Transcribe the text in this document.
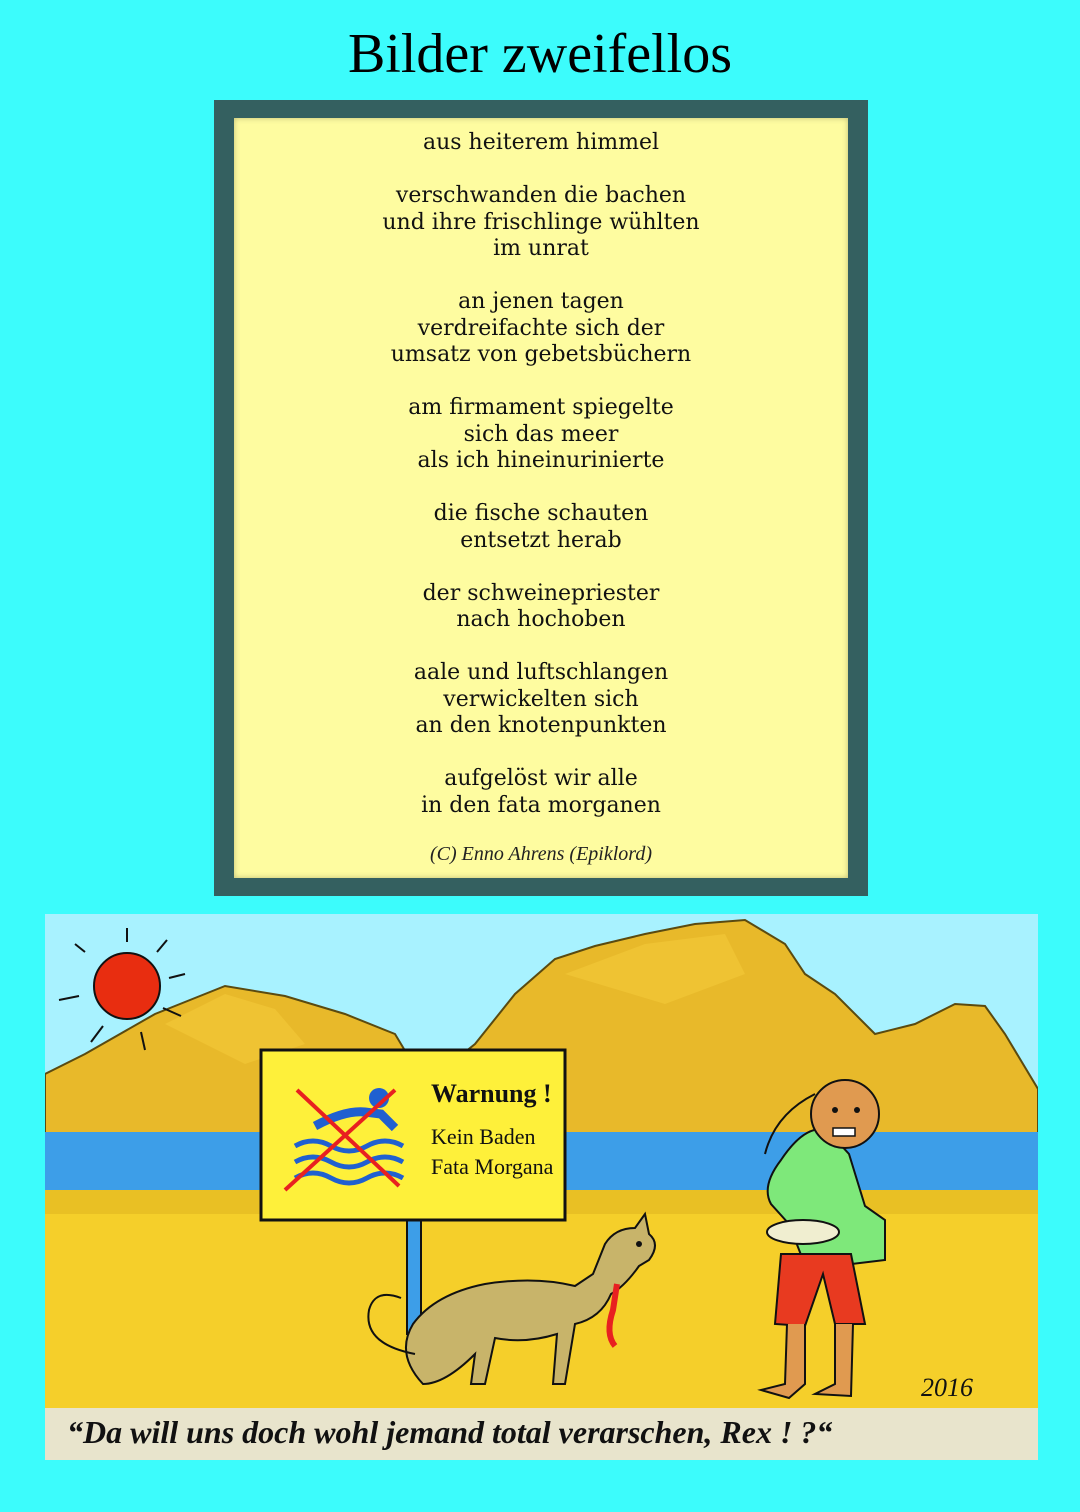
Bilder zweifellos
aus heiterem himmel
verschwanden die bachen
und ihre frischlinge wühlten
im unrat
an jenen tagen
verdreifachte sich der
umsatz von gebetsbüchern
am firmament spiegelte
sich das meer
als ich hineinurinierte
die fische schauten
entsetzt herab
der schweinepriester
nach hochoben
aale und luftschlangen
verwickelten sich
an den knotenpunkten
aufgelöst wir alle
in den fata morganen
(C) Enno Ahrens (Epiklord)
Warnung !
Kein Baden
Fata Morgana
2016
“Da will uns doch wohl jemand total verarschen, Rex ! ?“
